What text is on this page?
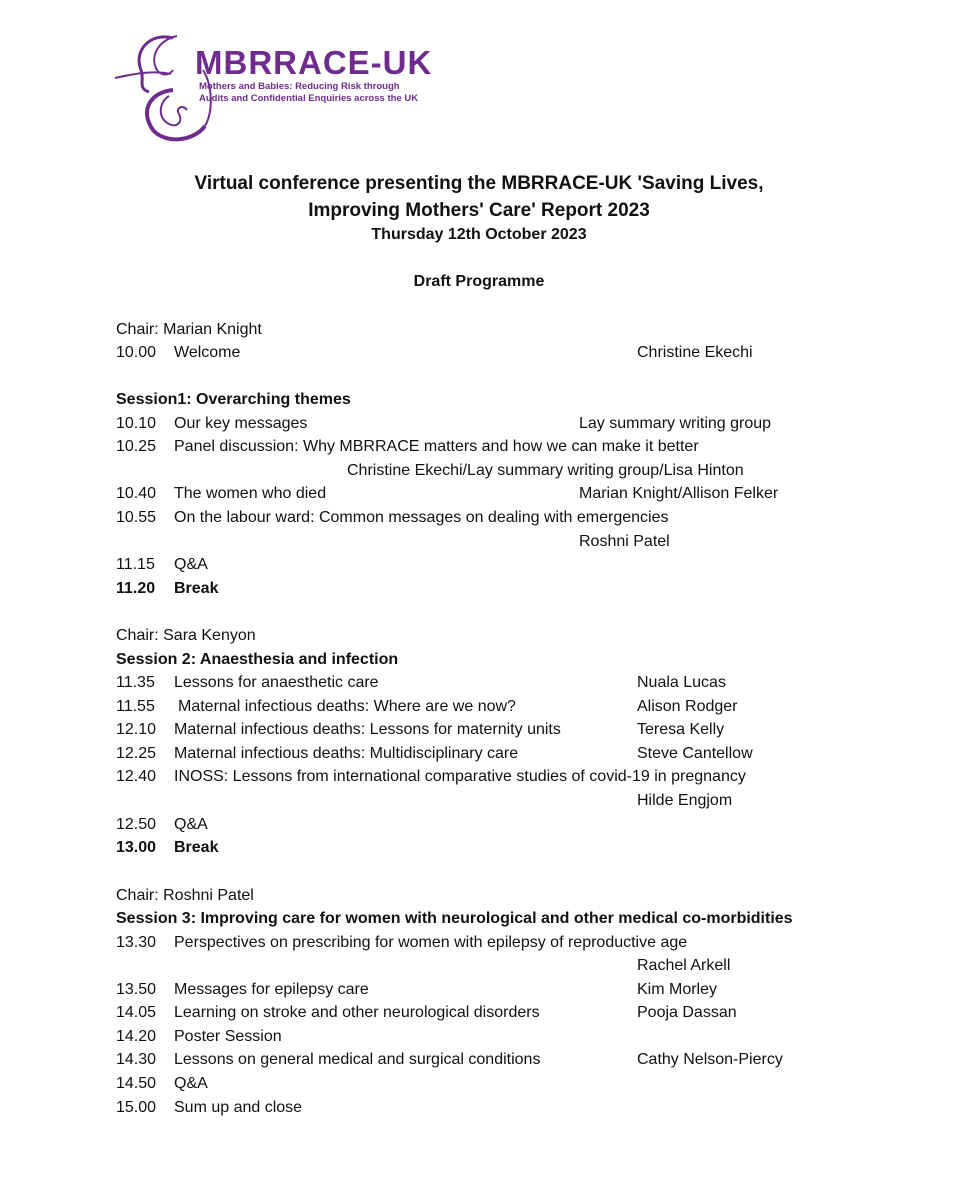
MBRRACE-UK
Mothers and Babies: Reducing Risk through
Audits and Confidential Enquiries across the UK
Virtual conference presenting the MBRRACE-UK 'Saving Lives,
Improving Mothers' Care' Report 2023
Thursday 12th October 2023
Draft Programme
Chair: Marian Knight
10.00 Welcome	Christine Ekechi
Session1: Overarching themes
10.10 Our key messages	Lay summary writing group
10.25 Panel discussion: Why MBRRACE matters and how we can make it better
Christine Ekechi/Lay summary writing group/Lisa Hinton
10.40 The women who died	Marian Knight/Allison Felker
10.55 On the labour ward: Common messages on dealing with emergencies
Roshni Patel
11.15 Q&A
11.20 Break
Chair: Sara Kenyon
Session 2: Anaesthesia and infection
11.35 Lessons for anaesthetic care	Nuala Lucas
11.55 Maternal infectious deaths: Where are we now?	Alison Rodger
12.10 Maternal infectious deaths: Lessons for maternity units	Teresa Kelly
12.25 Maternal infectious deaths: Multidisciplinary care	Steve Cantellow
12.40 INOSS: Lessons from international comparative studies of covid-19 in pregnancy
Hilde Engjom
12.50 Q&A
13.00 Break
Chair: Roshni Patel
Session 3: Improving care for women with neurological and other medical co-morbidities
13.30 Perspectives on prescribing for women with epilepsy of reproductive age
Rachel Arkell
13.50 Messages for epilepsy care	Kim Morley
14.05 Learning on stroke and other neurological disorders	Pooja Dassan
14.20 Poster Session
14.30 Lessons on general medical and surgical conditions	Cathy Nelson-Piercy
14.50 Q&A
15.00 Sum up and close
